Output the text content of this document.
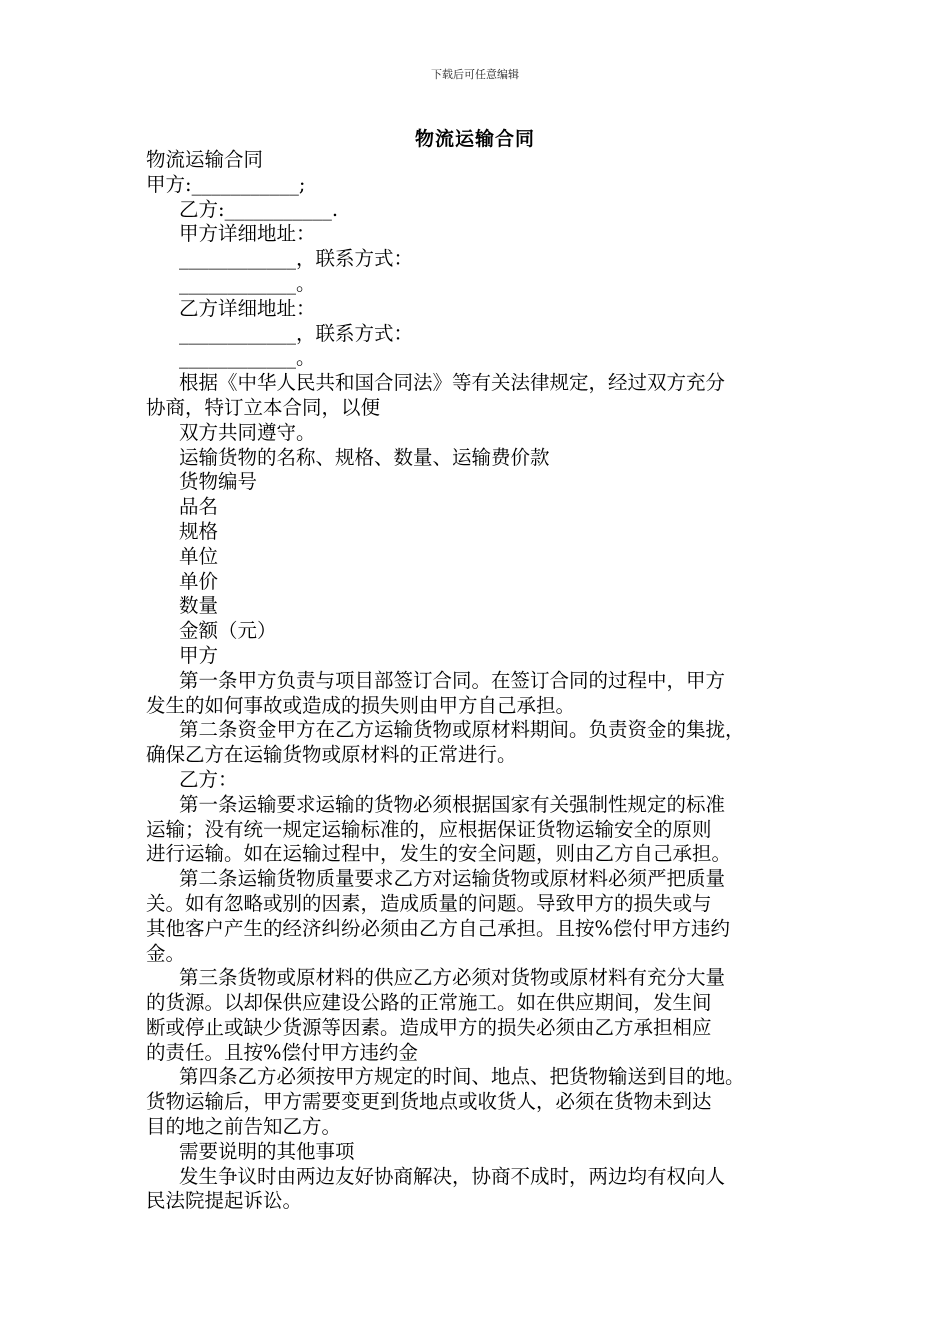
下载后可任意编辑
物流运输合同

物流运输合同

甲方:___________;

乙方:___________.

甲方详细地址：

____________，联系方式：

____________。

乙方详细地址：

____________，联系方式：

____________。

根据《中华人民共和国合同法》等有关法律规定，经过双方充分

协商，特订立本合同，以便

双方共同遵守。

运输货物的名称、规格、数量、运输费价款

货物编号

品名

规格

单位

单价

数量

金额（元）

甲方

第一条甲方负责与项目部签订合同。在签订合同的过程中，甲方

发生的如何事故或造成的损失则由甲方自己承担。

第二条资金甲方在乙方运输货物或原材料期间。负责资金的集拢，

确保乙方在运输货物或原材料的正常进行。

乙方：

第一条运输要求运输的货物必须根据国家有关强制性规定的标准

运输；没有统一规定运输标准的，应根据保证货物运输安全的原则

进行运输。如在运输过程中，发生的安全问题，则由乙方自己承担。

第二条运输货物质量要求乙方对运输货物或原材料必须严把质量

关。如有忽略或别的因素，造成质量的问题。导致甲方的损失或与

其他客户产生的经济纠纷必须由乙方自己承担。且按%偿付甲方违约

金。

第三条货物或原材料的供应乙方必须对货物或原材料有充分大量

的货源。以却保供应建设公路的正常施工。如在供应期间，发生间

断或停止或缺少货源等因素。造成甲方的损失必须由乙方承担相应

的责任。且按%偿付甲方违约金

第四条乙方必须按甲方规定的时间、地点、把货物输送到目的地。

货物运输后，甲方需要变更到货地点或收货人，必须在货物未到达

目的地之前告知乙方。

需要说明的其他事项

发生争议时由两边友好协商解决，协商不成时，两边均有权向人

民法院提起诉讼。
